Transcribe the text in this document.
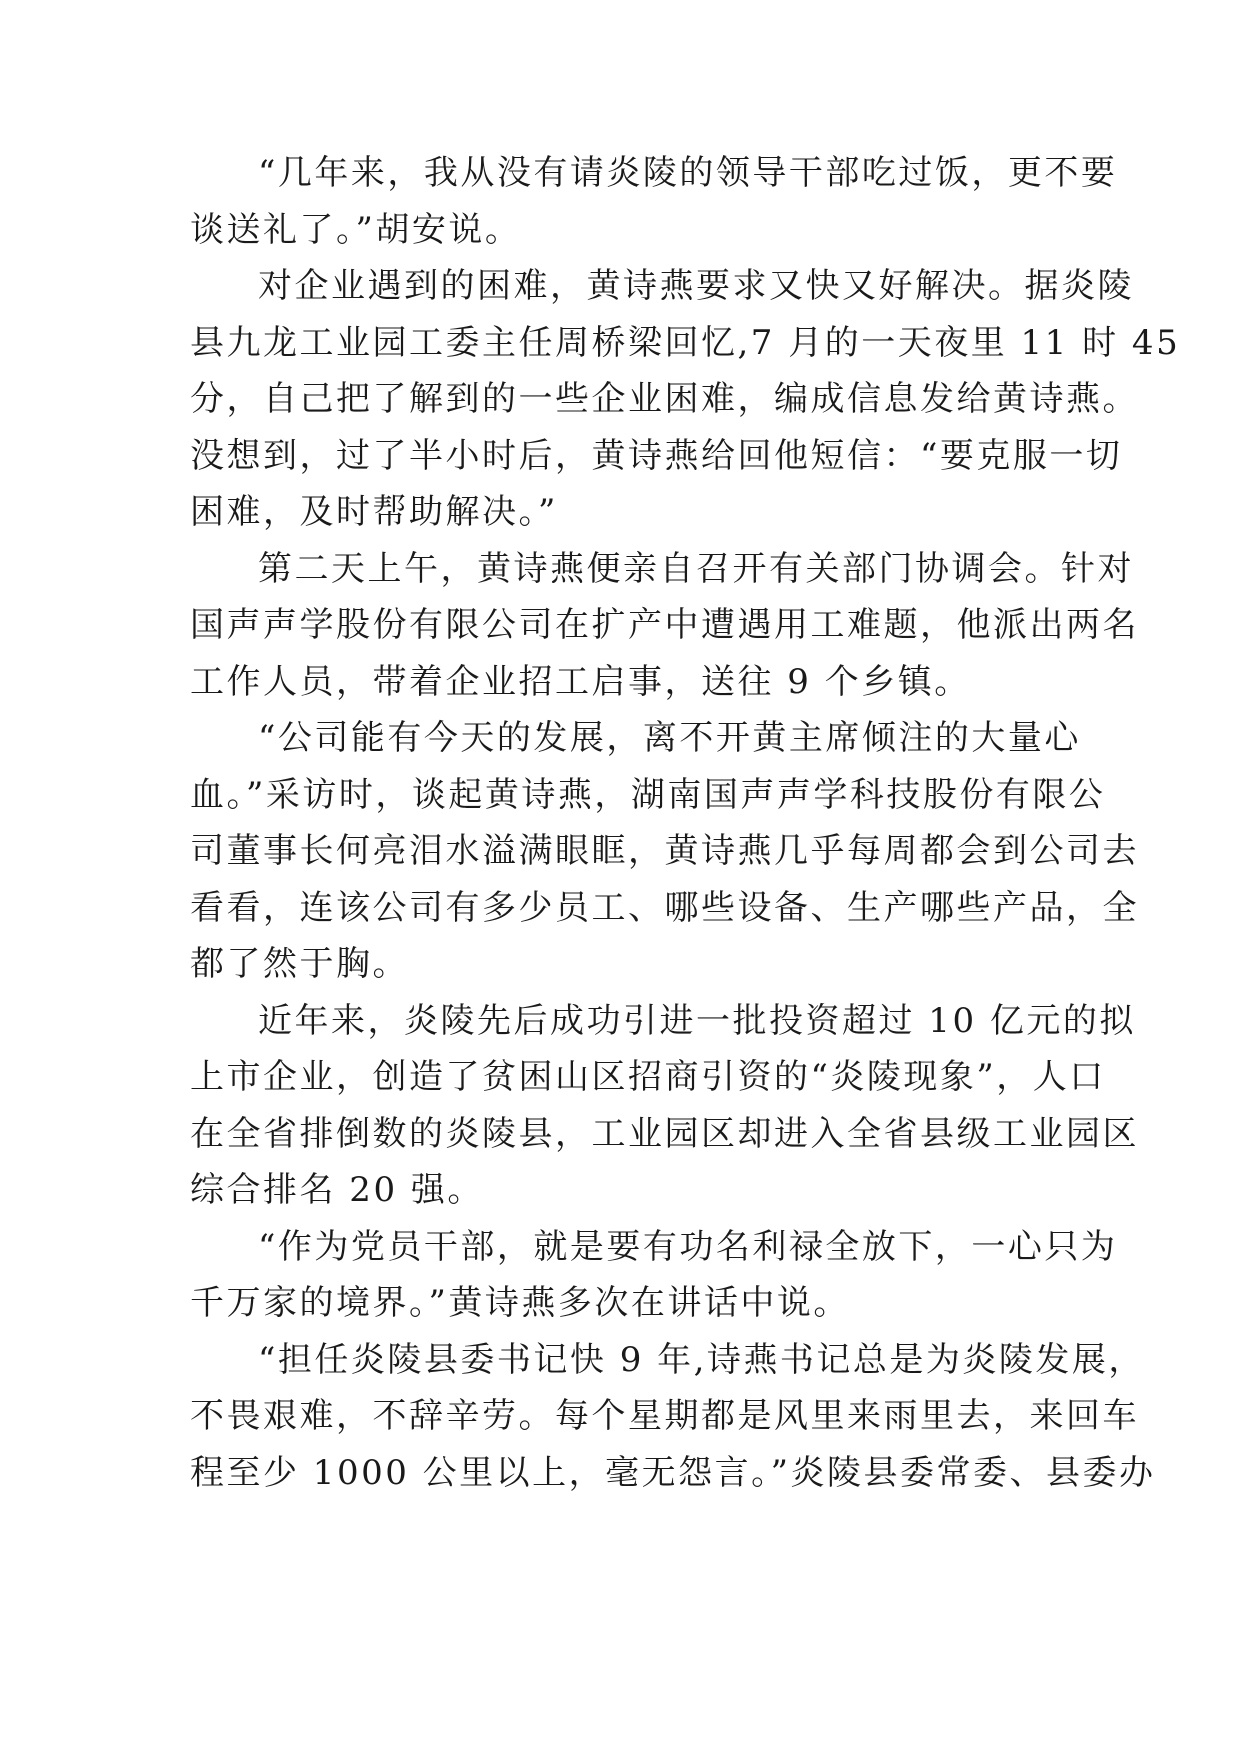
“几年来，我从没有请炎陵的领导干部吃过饭，更不要
谈送礼了。”胡安说。
对企业遇到的困难，黄诗燕要求又快又好解决。据炎陵
县九龙工业园工委主任周桥梁回忆,7 月的一天夜里 11 时 45
分，自己把了解到的一些企业困难，编成信息发给黄诗燕。
没想到，过了半小时后，黄诗燕给回他短信：“要克服一切
困难，及时帮助解决。”
第二天上午，黄诗燕便亲自召开有关部门协调会。针对
国声声学股份有限公司在扩产中遭遇用工难题，他派出两名
工作人员，带着企业招工启事，送往 9 个乡镇。
“公司能有今天的发展，离不开黄主席倾注的大量心
血。”采访时，谈起黄诗燕，湖南国声声学科技股份有限公
司董事长何亮泪水溢满眼眶，黄诗燕几乎每周都会到公司去
看看，连该公司有多少员工、哪些设备、生产哪些产品，全
都了然于胸。
近年来，炎陵先后成功引进一批投资超过 10 亿元的拟
上市企业，创造了贫困山区招商引资的“炎陵现象”，人口
在全省排倒数的炎陵县，工业园区却进入全省县级工业园区
综合排名 20 强。
“作为党员干部，就是要有功名利禄全放下，一心只为
千万家的境界。”黄诗燕多次在讲话中说。
“担任炎陵县委书记快 9 年,诗燕书记总是为炎陵发展，
不畏艰难，不辞辛劳。每个星期都是风里来雨里去，来回车
程至少 1000 公里以上，毫无怨言。”炎陵县委常委、县委办
